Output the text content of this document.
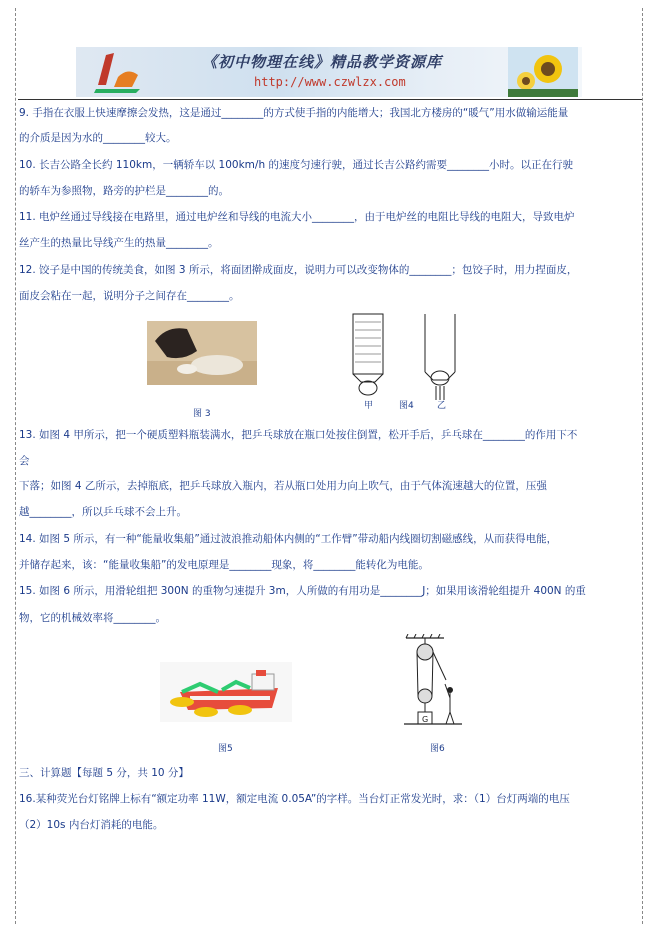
《初中物理在线》精品教学资源库
http://www.czwlzx.com
9. 手指在衣服上快速摩擦会发热，这是通过________的方式使手指的内能增大；我国北方楼房的“暖气”用水做输运能量
的介质是因为水的________较大。
10. 长吉公路全长约 110km，一辆轿车以 100km/h 的速度匀速行驶，通过长吉公路约需要________小时。以正在行驶
的轿车为参照物，路旁的护栏是________的。
11. 电炉丝通过导线接在电路里，通过电炉丝和导线的电流大小________，由于电炉丝的电阻比导线的电阻大，导致电炉
丝产生的热量比导线产生的热量________。
12. 饺子是中国的传统美食，如图 3 所示，将面团擀成面皮，说明力可以改变物体的________；包饺子时，用力捏面皮，
面皮会粘在一起，说明分子之间存在________。
图 3
甲	图4	乙
13. 如图 4 甲所示，把一个硬质塑料瓶装满水，把乒乓球放在瓶口处按住倒置，松开手后，乒乓球在________的作用下不
会
下落；如图 4 乙所示，去掉瓶底，把乒乓球放入瓶内，若从瓶口处用力向上吹气，由于气体流速越大的位置，压强
越________，所以乒乓球不会上升。
14. 如图 5 所示，有一种“能量收集船”通过波浪推动船体内侧的“工作臂”带动船内线圈切割磁感线，从而获得电能，
并储存起来，该：“能量收集船”的发电原理是________现象，将________能转化为电能。
15. 如图 6 所示，用滑轮组把 300N 的重物匀速提升 3m，人所做的有用功是________J；如果用该滑轮组提升 400N 的重
物，它的机械效率将________。
图5
G
图6
三、计算题【每题 5 分，共 10 分】
16.某种荧光台灯铭牌上标有“额定功率 11W，额定电流 0.05A”的字样。当台灯正常发光时，求：（1）台灯两端的电压
（2）10s 内台灯消耗的电能。
